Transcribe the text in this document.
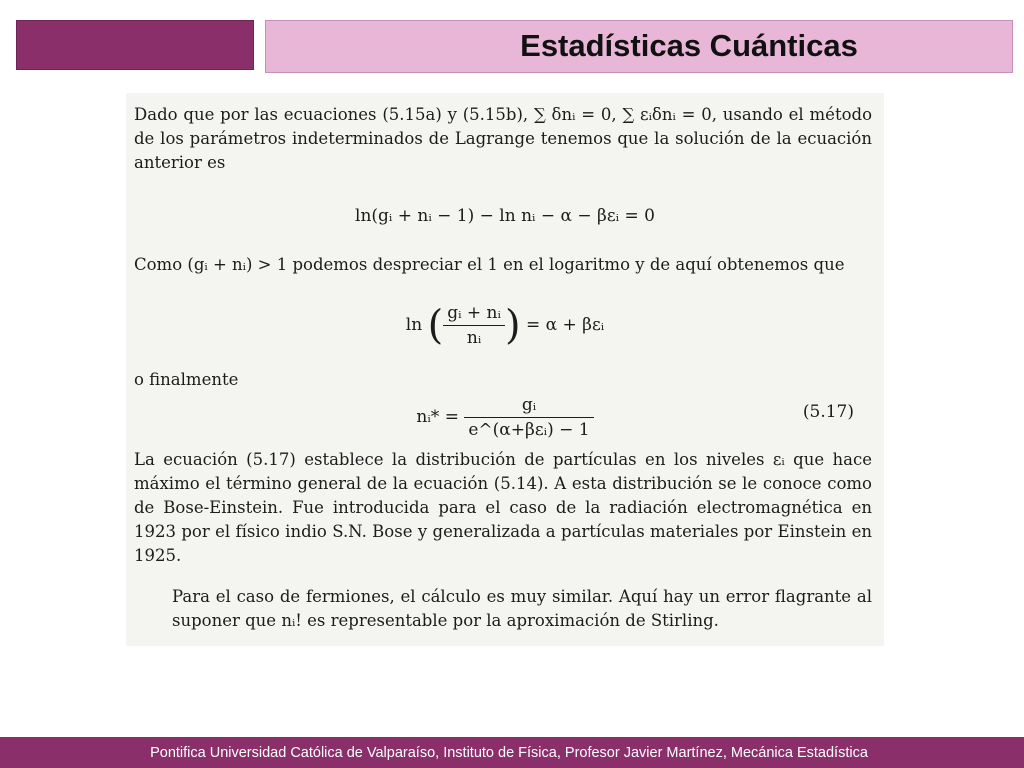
Estadísticas Cuánticas
Dado que por las ecuaciones (5.15a) y (5.15b), ∑ δnᵢ = 0, ∑ εᵢδnᵢ = 0, usando el método de los parámetros indeterminados de Lagrange tenemos que la solución de la ecuación anterior es
ln(gᵢ + nᵢ − 1) − ln nᵢ − α − βεᵢ = 0
Como (gᵢ + nᵢ) > 1 podemos despreciar el 1 en el logaritmo y de aquí obtenemos que
ln ( $\frac{\text{gᵢ + nᵢ}}{\text{nᵢ}}$ ) = α + βεᵢ
o finalmente
nᵢ* = $\frac{\text{gᵢ}}{\text{e\textasciicircum{}(α+βεᵢ) − 1}}$	(5.17)
La ecuación (5.17) establece la distribución de partículas en los niveles εᵢ que hace máximo el término general de la ecuación (5.14). A esta distribución se le conoce como de Bose-Einstein. Fue introducida para el caso de la radiación electromagnética en 1923 por el físico indio S.N. Bose y generalizada a partículas materiales por Einstein en 1925.
Para el caso de fermiones, el cálculo es muy similar. Aquí hay un error flagrante al suponer que nᵢ! es representable por la aproximación de Stirling.
Pontifica Universidad Católica de Valparaíso, Instituto de Física, Profesor Javier Martínez, Mecánica Estadística
